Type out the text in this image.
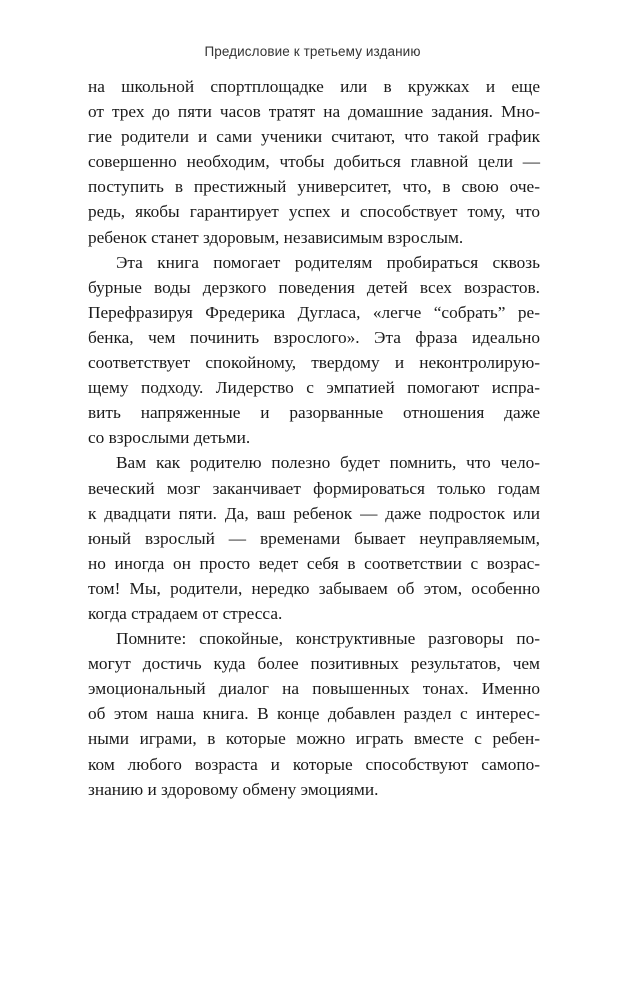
Предисловие к третьему изданию
на школьной спортплощадке или в кружках и еще
от трех до пяти часов тратят на домашние задания. Мно-
гие родители и сами ученики считают, что такой график
совершенно необходим, чтобы добиться главной цели —
поступить в престижный университет, что, в свою оче-
редь, якобы гарантирует успех и способствует тому, что
ребенок станет здоровым, независимым взрослым.
Эта книга помогает родителям пробираться сквозь
бурные воды дерзкого поведения детей всех возрастов.
Перефразируя Фредерика Дугласа, «легче “собрать” ре-
бенка, чем починить взрослого». Эта фраза идеально
соответствует спокойному, твердому и неконтролирую-
щему подходу. Лидерство с эмпатией помогают испра-
вить напряженные и разорванные отношения даже
со взрослыми детьми.
Вам как родителю полезно будет помнить, что чело-
веческий мозг заканчивает формироваться только годам
к двадцати пяти. Да, ваш ребенок — даже подросток или
юный взрослый — временами бывает неуправляемым,
но иногда он просто ведет себя в соответствии с возрас-
том! Мы, родители, нередко забываем об этом, особенно
когда страдаем от стресса.
Помните: спокойные, конструктивные разговоры по-
могут достичь куда более позитивных результатов, чем
эмоциональный диалог на повышенных тонах. Именно
об этом наша книга. В конце добавлен раздел с интерес-
ными играми, в которые можно играть вместе с ребен-
ком любого возраста и которые способствуют самопо-
знанию и здоровому обмену эмоциями.
